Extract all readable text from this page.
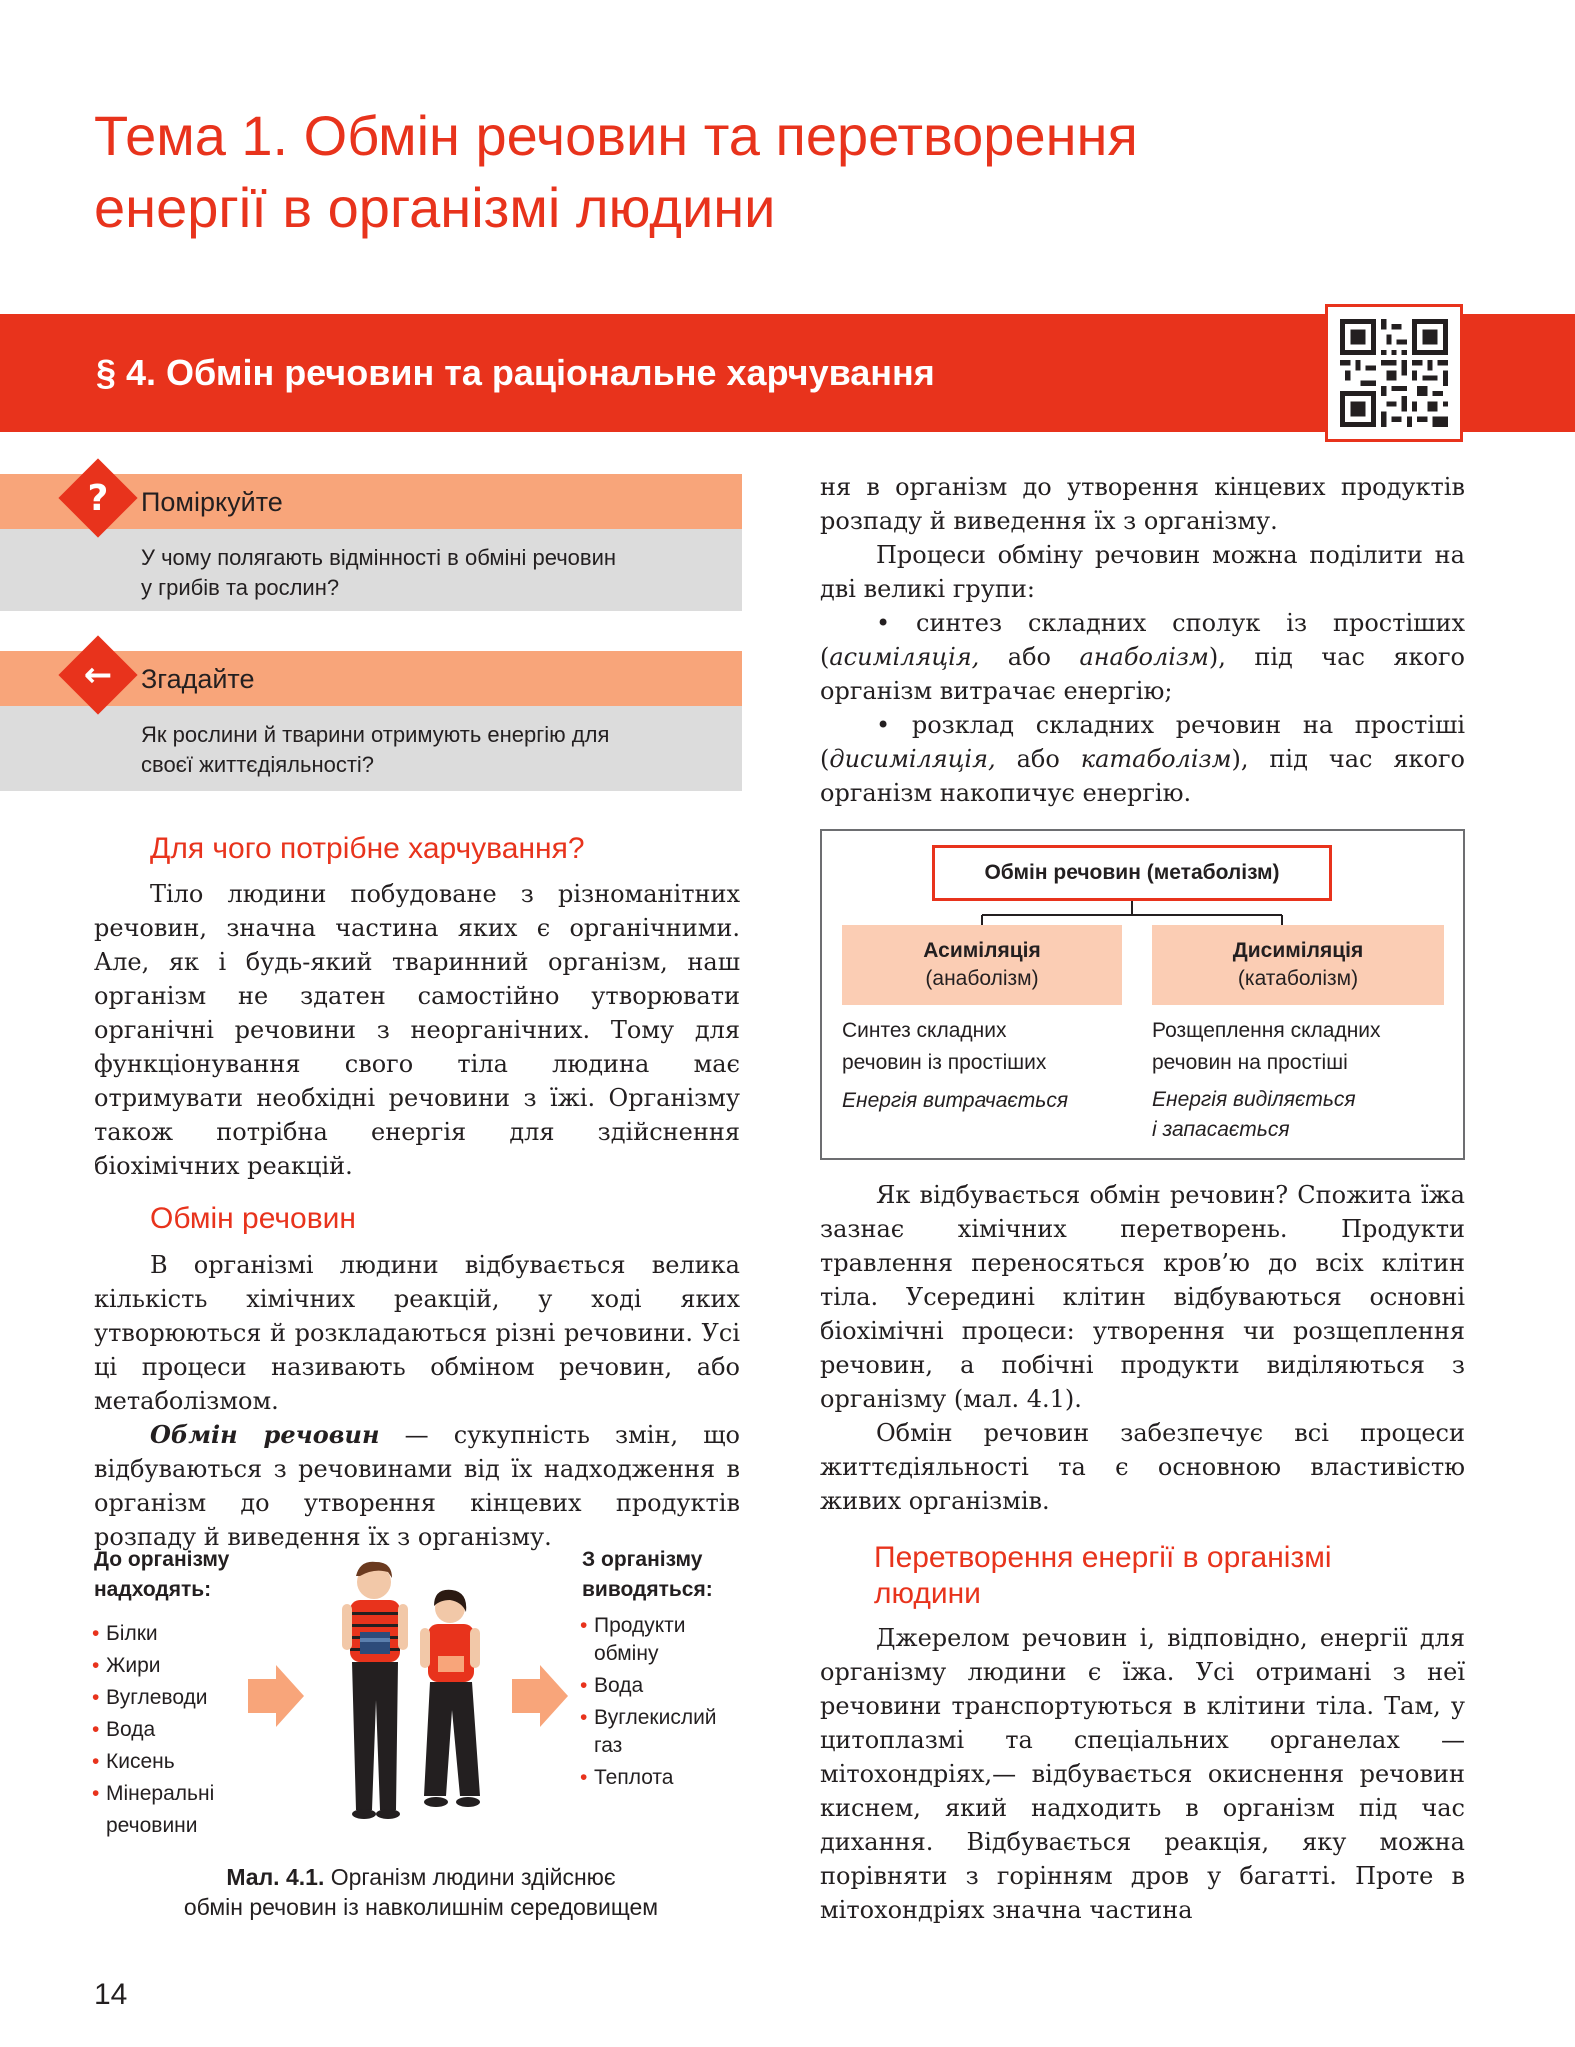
Тема 1. Обмін речовин та перетворення
енергії в організмі людини
§ 4. Обмін речовин та раціональне харчування
?	Поміркуйте
У чому полягають відмінності в обміні речовин
у грибів та рослин?
←	Згадайте
Як рослини й тварини отримують енергію для
своєї життєдіяльності?
Для чого потрібне харчування?

Тіло людини побудоване з різноманітних речовин, значна частина яких є органічними. Але, як і будь-який тваринний організм, наш організм не здатен самостійно утворювати органічні речовини з неорганічних. Тому для функціонування свого тіла людина має отримувати необхідні речовини з їжі. Організму також потрібна енергія для здійснення біохімічних реакцій.

Обмін речовин

В організмі людини відбувається велика кількість хімічних реакцій, у ході яких утворюються й розкладаються різні речовини. Усі ці процеси називають обміном речовин, або метаболізмом.

Обмін речовин — сукупність змін, що відбуваються з речовинами від їх надходження в організм до утворення кінцевих продуктів розпаду й виведення їх з організму.

ня в організм до утворення кінцевих продуктів розпаду й виведення їх з організму.

Процеси обміну речовин можна поділити на дві великі групи:

• синтез складних сполук із простіших (асиміляція, або анаболізм), під час якого організм витрачає енергію;

• розклад складних речовин на простіші (дисиміляція, або катаболізм), під час якого організм накопичує енергію.

Обмін речовин (метаболізм)
Асиміляція
(анаболізм)
Дисиміляція
(катаболізм)
Синтез складних
речовин із простіших
Енергія витрачається
Розщеплення складних
речовин на простіші
Енергія виділяється
і запасається

Як відбувається обмін речовин? Спожита їжа зазнає хімічних перетворень. Продукти травлення переносяться кров’ю до всіх клітин тіла. Усередині клітин відбуваються основні біохімічні процеси: утворення чи розщеплення речовин, а побічні продукти виділяються з організму (мал. 4.1).

Обмін речовин забезпечує всі процеси життєдіяльності та є основною властивістю живих організмів.

Перетворення енергії в організмі
людини

Джерелом речовин і, відповідно, енергії для організму людини є їжа. Усі отримані з неї речовини транспортуються в клітини тіла. Там, у цитоплазмі та спеціальних органелах — мітохондріях,— відбувається окиснення речовин киснем, який надходить в організм під час дихання. Відбувається реакція, яку можна порівняти з горінням дров у багатті. Проте в мітохондріях значна частина

До організму
надходять:
• Білки
• Жири
• Вуглеводи
• Вода
• Кисень
• Мінеральні
речовини
З організму
виводяться:
• Продукти
обміну
• Вода
• Вуглекислий
газ
• Теплота
Мал. 4.1. Організм людини здійснює
обмін речовин із навколишнім середовищем
14
